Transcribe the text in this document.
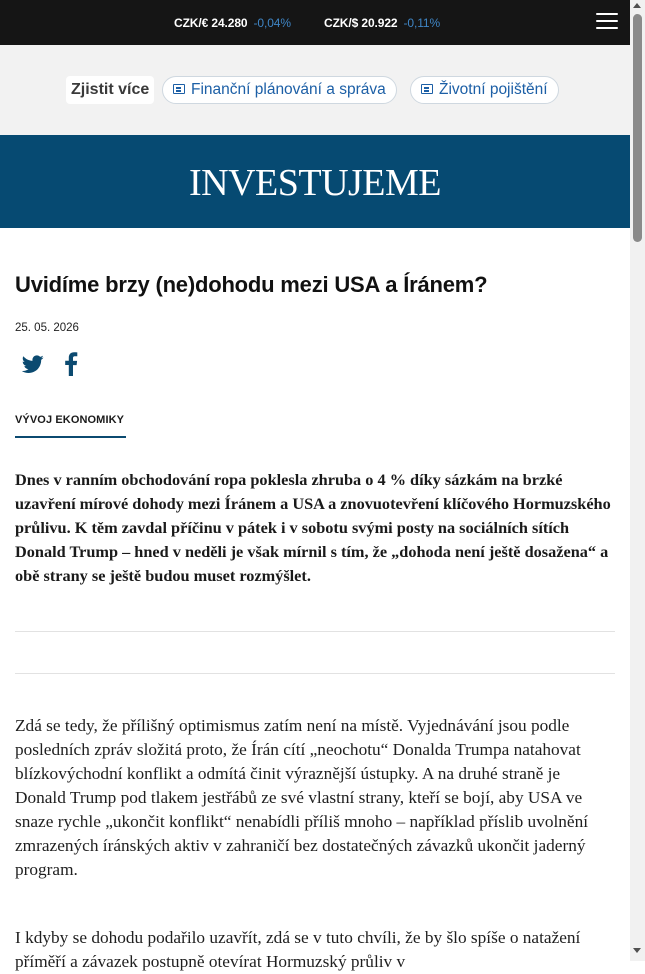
CZK/€ 24.280 -0,04%	CZK/$ 20.922 -0,11%
Zjistit více	Finanční plánování a správa	Životní pojištění
INVESTUJEME
Uvidíme brzy (ne)dohodu mezi USA a Íránem?
25. 05. 2026
VÝVOJ EKONOMIKY

Dnes v ranním obchodování ropa poklesla zhruba o 4 % díky sázkám na brzké uzavření mírové dohody mezi Íránem a USA a znovuotevření klíčového Hormuzského průlivu. K těm zavdal příčinu v pátek i v sobotu svými posty na sociálních sítích Donald Trump – hned v neděli je však mírnil s tím, že „dohoda není ještě dosažena“ a obě strany se ještě budou muset rozmýšlet.

Zdá se tedy, že přílišný optimismus zatím není na místě. Vyjednávání jsou podle posledních zpráv složitá proto, že Írán cítí „neochotu“ Donalda Trumpa natahovat blízkovýchodní konflikt a odmítá činit výraznější ústupky. A na druhé straně je Donald Trump pod tlakem jestřábů ze své vlastní strany, kteří se bojí, aby USA ve snaze rychle „ukončit konflikt“ nenabídli příliš mnoho – například příslib uvolnění zmrazených íránských aktiv v zahraničí bez dostatečných závazků ukončit jaderný program.

I kdyby se dohodu podařilo uzavřít, zdá se v tuto chvíli, že by šlo spíše o natažení příměří a závazek postupně otevírat Hormuzský průliv v
